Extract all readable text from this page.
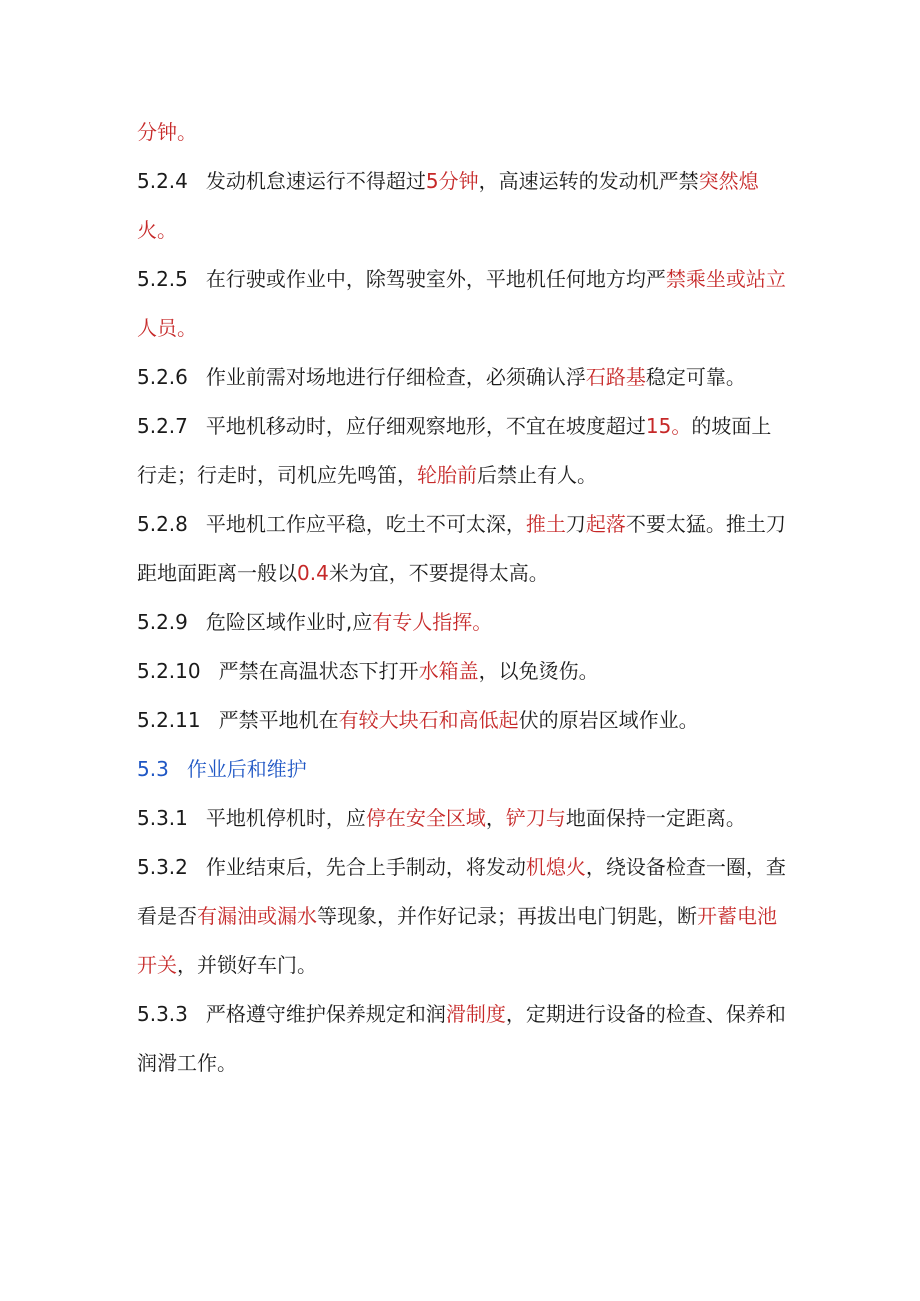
分钟。

5.2.4 发动机怠速运行不得超过5分钟，高速运转的发动机严禁突然熄火。

5.2.5 在行驶或作业中，除驾驶室外，平地机任何地方均严禁乘坐或站立人员。

5.2.6 作业前需对场地进行仔细检查，必须确认浮石路基稳定可靠。

5.2.7 平地机移动时，应仔细观察地形，不宜在坡度超过15。的坡面上行走；行走时，司机应先鸣笛，轮胎前后禁止有人。

5.2.8 平地机工作应平稳，吃土不可太深，推土刀起落不要太猛。推土刀距地面距离一般以0.4米为宜，不要提得太高。

5.2.9 危险区域作业时,应有专人指挥。

5.2.10 严禁在高温状态下打开水箱盖，以免烫伤。

5.2.11 严禁平地机在有较大块石和高低起伏的原岩区域作业。

5.3 作业后和维护

5.3.1 平地机停机时，应停在安全区域，铲刀与地面保持一定距离。

5.3.2 作业结束后，先合上手制动，将发动机熄火，绕设备检查一圈，查看是否有漏油或漏水等现象，并作好记录；再拔出电门钥匙，断开蓄电池开关，并锁好车门。

5.3.3 严格遵守维护保养规定和润滑制度，定期进行设备的检查、保养和润滑工作。
